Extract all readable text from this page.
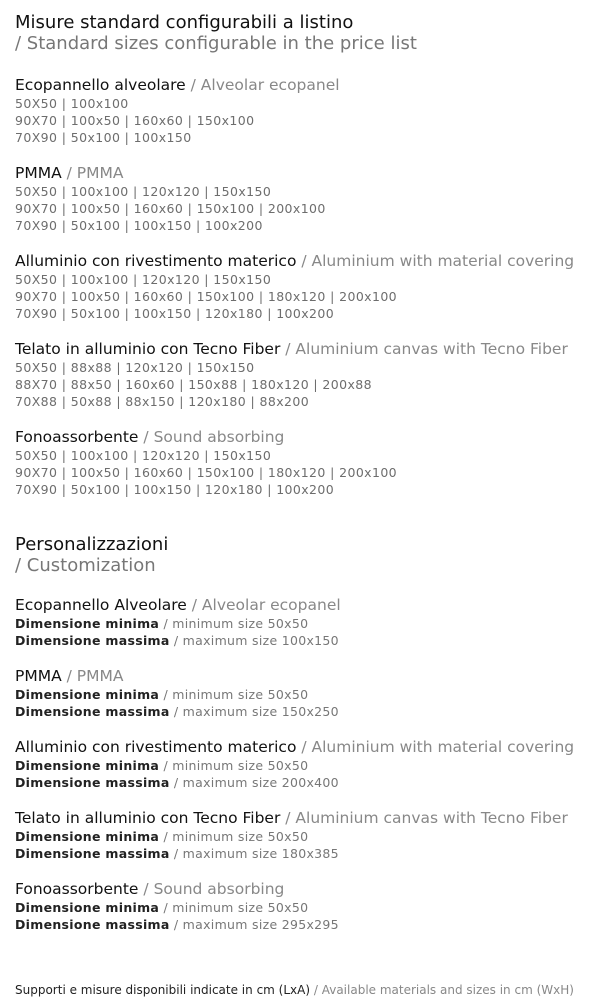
Misure standard configurabili a listino
/ Standard sizes configurable in the price list
Ecopannello alveolare / Alveolar ecopanel
50X50 | 100x100
90X70 | 100x50 | 160x60 | 150x100
70X90 | 50x100 | 100x150
PMMA / PMMA
50X50 | 100x100 | 120x120 | 150x150
90X70 | 100x50 | 160x60 | 150x100 | 200x100
70X90 | 50x100 | 100x150 | 100x200
Alluminio con rivestimento materico / Aluminium with material covering
50X50 | 100x100 | 120x120 | 150x150
90X70 | 100x50 | 160x60 | 150x100 | 180x120 | 200x100
70X90 | 50x100 | 100x150 | 120x180 | 100x200
Telato in alluminio con Tecno Fiber / Aluminium canvas with Tecno Fiber
50X50 | 88x88 | 120x120 | 150x150
88X70 | 88x50 | 160x60 | 150x88 | 180x120 | 200x88
70X88 | 50x88 | 88x150 | 120x180 | 88x200
Fonoassorbente / Sound absorbing
50X50 | 100x100 | 120x120 | 150x150
90X70 | 100x50 | 160x60 | 150x100 | 180x120 | 200x100
70X90 | 50x100 | 100x150 | 120x180 | 100x200
Personalizzazioni
/ Customization
Ecopannello Alveolare / Alveolar ecopanel
Dimensione minima / minimum size 50x50
Dimensione massima / maximum size 100x150
PMMA / PMMA
Dimensione minima / minimum size 50x50
Dimensione massima / maximum size 150x250
Alluminio con rivestimento materico / Aluminium with material covering
Dimensione minima / minimum size 50x50
Dimensione massima / maximum size 200x400
Telato in alluminio con Tecno Fiber / Aluminium canvas with Tecno Fiber
Dimensione minima / minimum size 50x50
Dimensione massima / maximum size 180x385
Fonoassorbente / Sound absorbing
Dimensione minima / minimum size 50x50
Dimensione massima / maximum size 295x295
Supporti e misure disponibili indicate in cm (LxA) / Available materials and sizes in cm (WxH)
